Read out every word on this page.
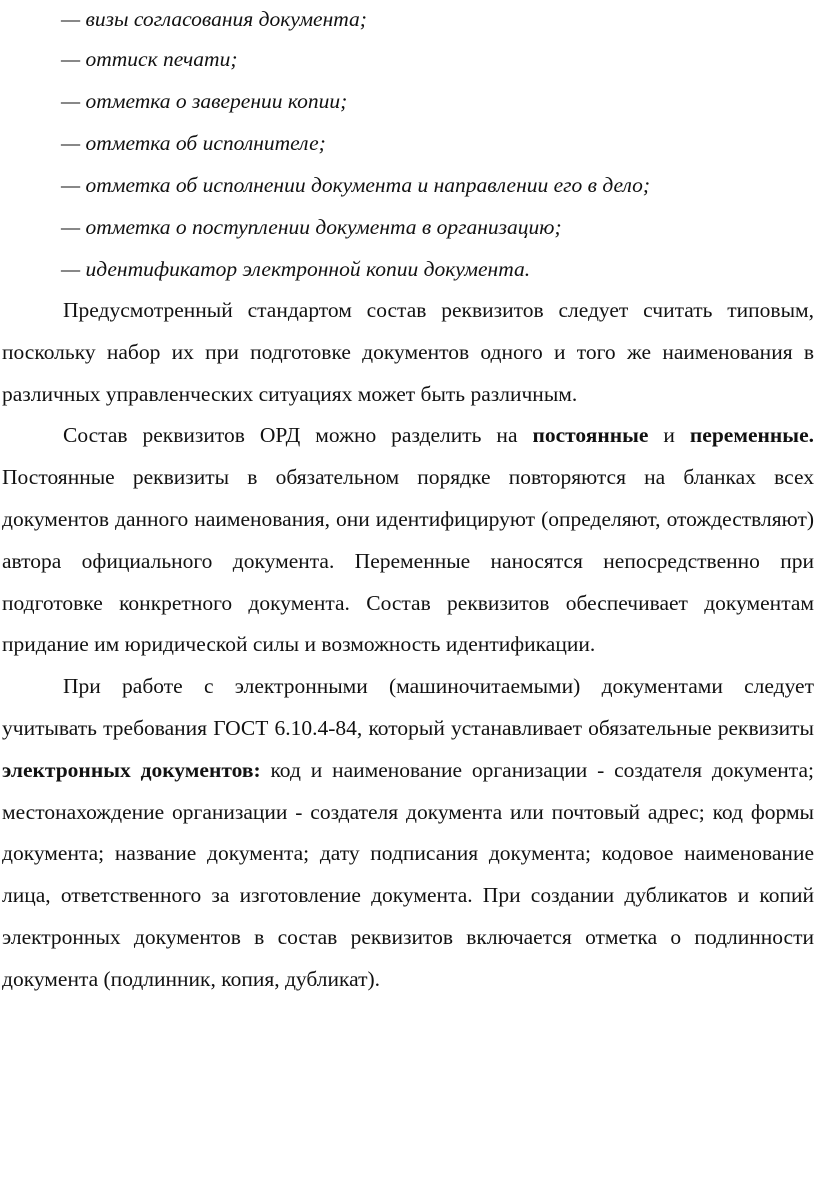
— визы согласования документа;
— оттиск печати;
— отметка о заверении копии;
— отметка об исполнителе;
— отметка об исполнении документа и направлении его в дело;
— отметка о поступлении документа в организацию;
— идентификатор электронной копии документа.

Предусмотренный стандартом состав реквизитов следует считать типовым, поскольку набор их при подготовке документов одного и того же наименования в различных управленческих ситуациях может быть различным.

Состав реквизитов ОРД можно разделить на постоянные и переменные. Постоянные реквизиты в обязательном порядке повторяются на бланках всех документов данного наименования, они идентифицируют (определяют, отождествляют) автора официального документа. Переменные наносятся непосредственно при подготовке конкретного документа. Состав реквизитов обеспечивает документам придание им юридической силы и возможность идентификации.

При работе с электронными (машиночитаемыми) документами следует учитывать требования ГОСТ 6.10.4-84, который устанавливает обязательные реквизиты электронных документов: код и наименование организации - создателя документа; местонахождение организации - создателя документа или почтовый адрес; код формы документа; название документа; дату подписания документа; кодовое наименование лица, ответственного за изготовление документа. При создании дубликатов и копий электронных документов в состав реквизитов включается отметка о подлинности документа (подлинник, копия, дубликат).
